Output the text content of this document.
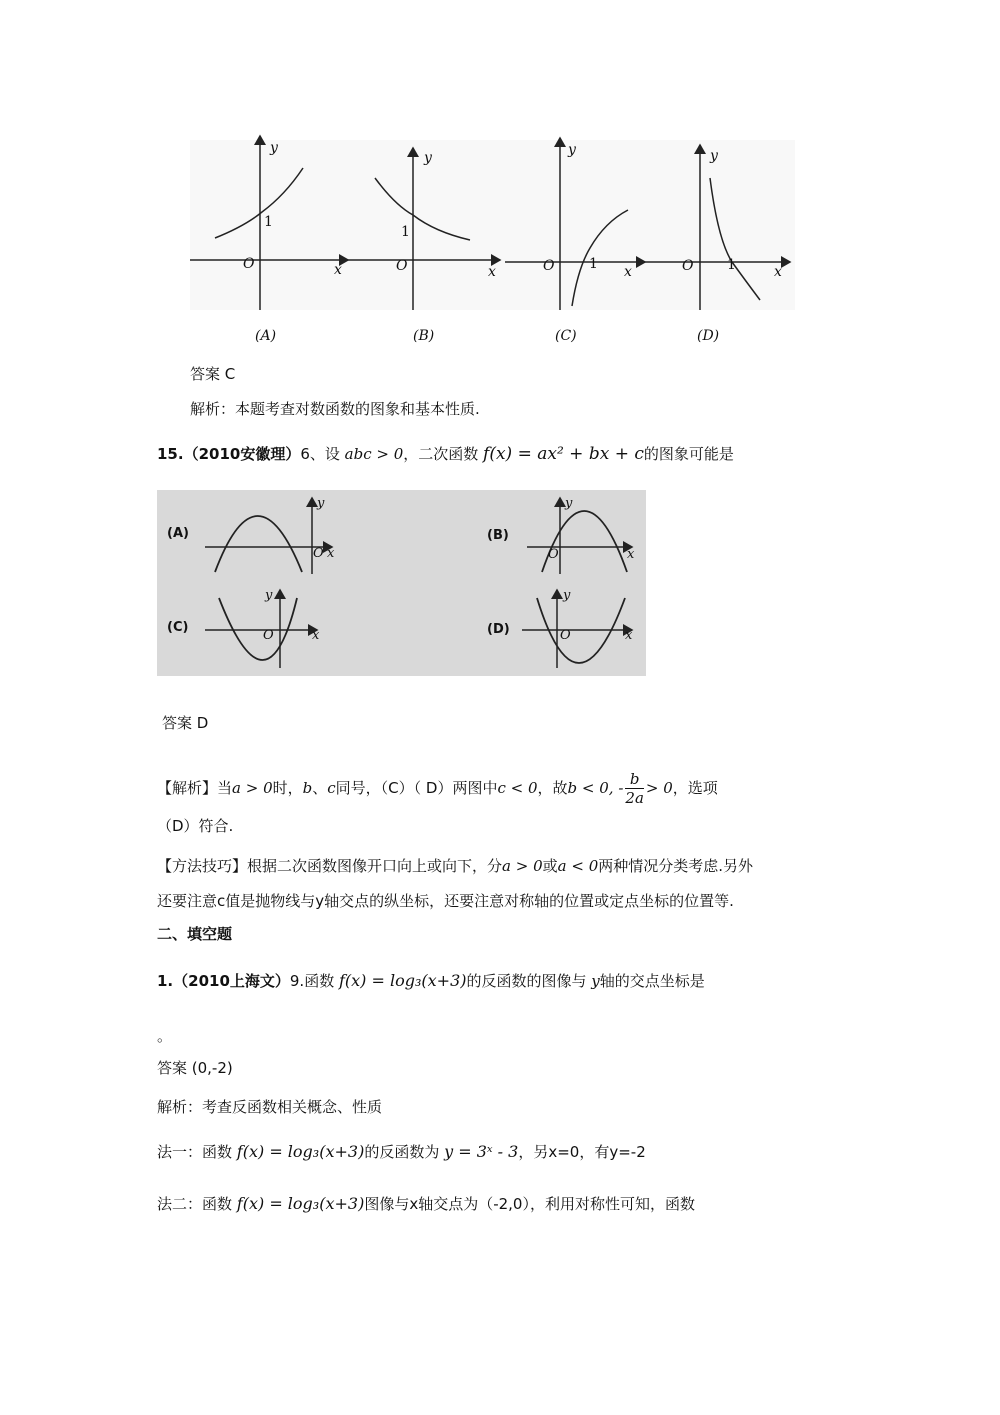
y
1
O	x
y
1
O	x
y
O 1 x
y
O 1	x
(A)	(B)	(C)	(D)
答案 C
解析：本题考查对数函数的图象和基本性质.
15.（2010安徽理）6、设 abc > 0，二次函数 f(x) = ax² + bx + c的图象可能是
(A)	(B)
(C)	(D)
y
O x
y
O	x
y
O	x
y
O	x
答案 D
【解析】当a > 0时，b、c同号，（C）（ D）两图中c < 0，故b < 0, - $\frac{b}{2a} > 0$，选项
（D）符合.
【方法技巧】根据二次函数图像开口向上或向下，分a > 0或a < 0两种情况分类考虑.另外
还要注意c值是抛物线与y轴交点的纵坐标，还要注意对称轴的位置或定点坐标的位置等.
二、填空题
1.（2010上海文）9.函数 f(x) = log₃(x+3)的反函数的图像与 y轴的交点坐标是
。
答案 (0,-2)
解析：考查反函数相关概念、性质
法一：函数 f(x) = log₃(x+3)的反函数为 y = 3ˣ - 3，另x=0，有y=-2
法二：函数 f(x) = log₃(x+3)图像与x轴交点为（-2,0），利用对称性可知，函数
